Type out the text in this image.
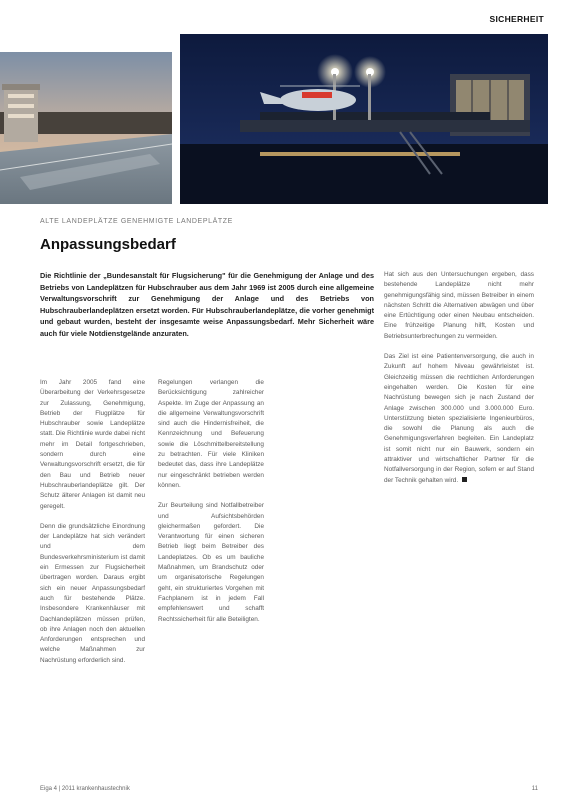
SICHERHEIT
ALTE LANDEPLÄTZE GENEHMIGTE LANDEPLÄTZE
Anpassungsbedarf

Die Richtlinie der „Bundesanstalt für Flugsicherung" für die Genehmigung der Anlage und des Betriebs von Landeplätzen für Hubschrauber aus dem Jahr 1969 ist 2005 durch eine allgemeine Verwaltungsvorschrift zur Genehmigung der Anlage und des Betriebs von Hubschrauberlandeplätzen ersetzt worden. Für Hubschrauberlandeplätze, die vorher genehmigt und gebaut wurden, besteht der insgesamte weise Anpassungsbedarf. Mehr Sicherheit wäre auch für viele Notdienstgelände anzuraten.

Im Jahr 2005 fand eine Überarbeitung der Verkehrsgesetze zur Zulassung, Genehmigung, Betrieb der Flugplätze für Hubschrauber sowie Landeplätze statt. Die Richtlinie wurde dabei nicht mehr im Detail fortgeschrieben, sondern durch eine Verwaltungsvorschrift ersetzt, die für den Bau und Betrieb neuer Hubschrauberlandeplätze gilt. Der Schutz älterer Anlagen ist damit neu geregelt.

Denn die grundsätzliche Einordnung der Landeplätze hat sich verändert und dem Bundesverkehrsministerium ist damit ein Ermessen zur Flugsicherheit übertragen worden. Daraus ergibt sich ein neuer Anpassungsbedarf auch für bestehende Plätze. Insbesondere Krankenhäuser mit Dachlandeplätzen müssen prüfen, ob ihre Anlagen noch den aktuellen Anforderungen entsprechen und welche Maßnahmen zur Nachrüstung erforderlich sind.

Regelungen verlangen die Berücksichtigung zahlreicher Aspekte. Im Zuge der Anpassung an die allgemeine Verwaltungsvorschrift sind auch die Hindernisfreiheit, die Kennzeichnung und Befeuerung sowie die Löschmittelbereitstellung zu betrachten. Für viele Kliniken bedeutet das, dass ihre Landeplätze nur eingeschränkt betrieben werden können.

Zur Beurteilung sind Notfallbetreiber und Aufsichtsbehörden gleichermaßen gefordert. Die Verantwortung für einen sicheren Betrieb liegt beim Betreiber des Landeplatzes. Ob es um bauliche Maßnahmen, um Brandschutz oder um organisatorische Regelungen geht, ein strukturiertes Vorgehen mit Fachplanern ist in jedem Fall empfehlenswert und schafft Rechtssicherheit für alle Beteiligten.

Hat sich aus den Untersuchungen ergeben, dass bestehende Landeplätze nicht mehr genehmigungsfähig sind, müssen Betreiber in einem nächsten Schritt die Alternativen abwägen und über eine Ertüchtigung oder einen Neubau entscheiden. Eine frühzeitige Planung hilft, Kosten und Betriebsunterbrechungen zu vermeiden.

Das Ziel ist eine Patientenversorgung, die auch in Zukunft auf hohem Niveau gewährleistet ist. Gleichzeitig müssen die rechtlichen Anforderungen eingehalten werden. Die Kosten für eine Nachrüstung bewegen sich je nach Zustand der Anlage zwischen 300.000 und 3.000.000 Euro. Unterstützung bieten spezialisierte Ingenieurbüros, die sowohl die Planung als auch die Genehmigungsverfahren begleiten. Ein Landeplatz ist somit nicht nur ein Bauwerk, sondern ein attraktiver und wirtschaftlicher Partner für die Notfallversorgung in der Region, sofern er auf Stand der Technik gehalten wird.

Eiga 4 | 2011 krankenhaustechnik	11
